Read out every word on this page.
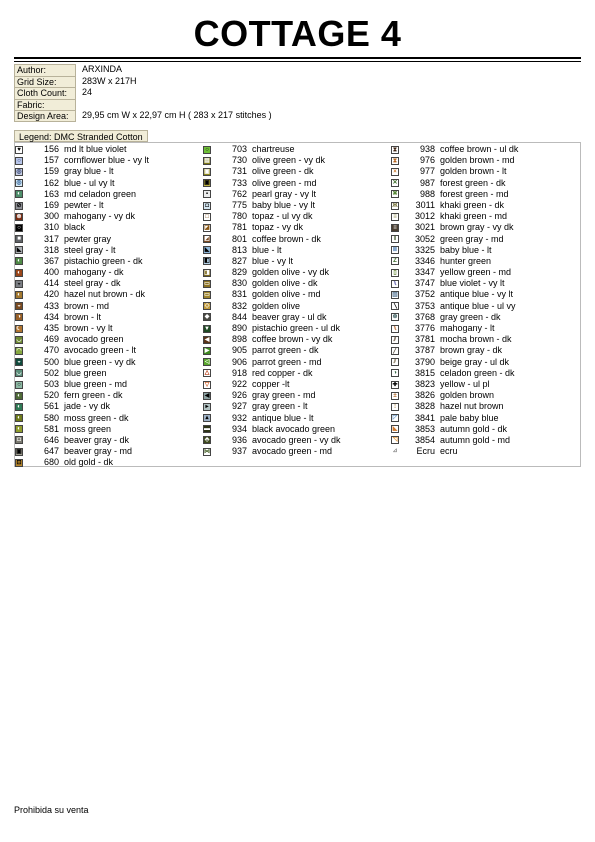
COTTAGE 4
Author:	ARXINDA
Grid Size:	283W x 217H
Cloth Count:	24
Fabric:
Design Area:	29,95 cm W x 22,97 cm H ( 283 x 217 stitches )
Legend: DMC Stranded Cotton
♥	156 md lt blue violet
○	157 cornflower blue - vy lt
◎	159 gray blue - lt
◎	162 blue - ul vy lt
◐	163 md celadon green
⊘	169 pewter - lt
⊗	300 mahogany - vy dk
○	310 black
■	317 pewter gray
◣	318 steel gray - lt
◐	367 pistachio green - dk
◐	400 mahogany - dk
◒	414 steel gray - dk
◐	420 hazel nut brown - dk
◒	433 brown - md
◑	434 brown - lt
☾	435 brown - vy lt
◡	469 avocado green
◠	470 avocado green - lt
◒	500 blue green - vy dk
◡	502 blue green
○	503 blue green - md
◐	520 fern green - dk
◐	561 jade - vy dk
◐	580 moss green - dk
◐	581 moss green
◘	646 beaver gray - dk
▣	647 beaver gray - md
⊡	680 old gold - dk
○	703 chartreuse
▤	730 olive green - vy dk
▣	731 olive green - dk
▣	733 olive green - md
▪	762 pearl gray - vy lt
◘	775 baby blue - vy lt
□	780 topaz - ul vy dk
◪	781 topaz - vy dk
◩	801 coffee brown - dk
◣	813 blue - lt
◧	827 blue - vy lt
◨	829 golden olive - vy dk
▭	830 golden olive - dk
▭	831 golden olive - md
◇	832 golden olive
◆	844 beaver gray - ul dk
▼	890 pistachio green - ul dk
◀	898 coffee brown - vy dk
▶	905 parrot green - dk
◁	906 parrot green - md
△	918 red copper - dk
▽	922 copper -lt
◀	926 gray green - md
▸	927 gray green - lt
▴	932 antique blue - lt
▬	934 black avocado green
⬘	936 avocado green - vy dk
⋈	937 avocado green - md
⧗	938 coffee brown - ul dk
⧗	976 golden brown - md
×	977 golden brown - lt
✕	987 forest green - dk
✖	988 forest green - md
Ж	3011 khaki green - dk
≡	3012 khaki green - md
≡	3021 brown gray - vy dk
Ⅱ	3052 green gray - md
Ⅲ	3325 baby blue - lt
Z	3346 hunter green
▯	3347 yellow green - md
⑊	3747 blue violet - vy lt
▧	3752 antique blue - vy lt
╲	3753 antique blue - ul vy
⊛	3768 gray green - dk
⑊	3776 mahogany - lt
⫽	3781 mocha brown - dk
╱	3787 brown gray - dk
⫽	3790 beige gray - ul dk
◑	3815 celadon green - dk
✚	3823 yellow - ul pl
±	3826 golden brown
⫶	3828 hazel nut brown
◸	3841 pale baby blue
◣	3853 autumn gold - dk
◹	3854 autumn gold - md
⊿	Ecru ecru
Prohibida su venta
